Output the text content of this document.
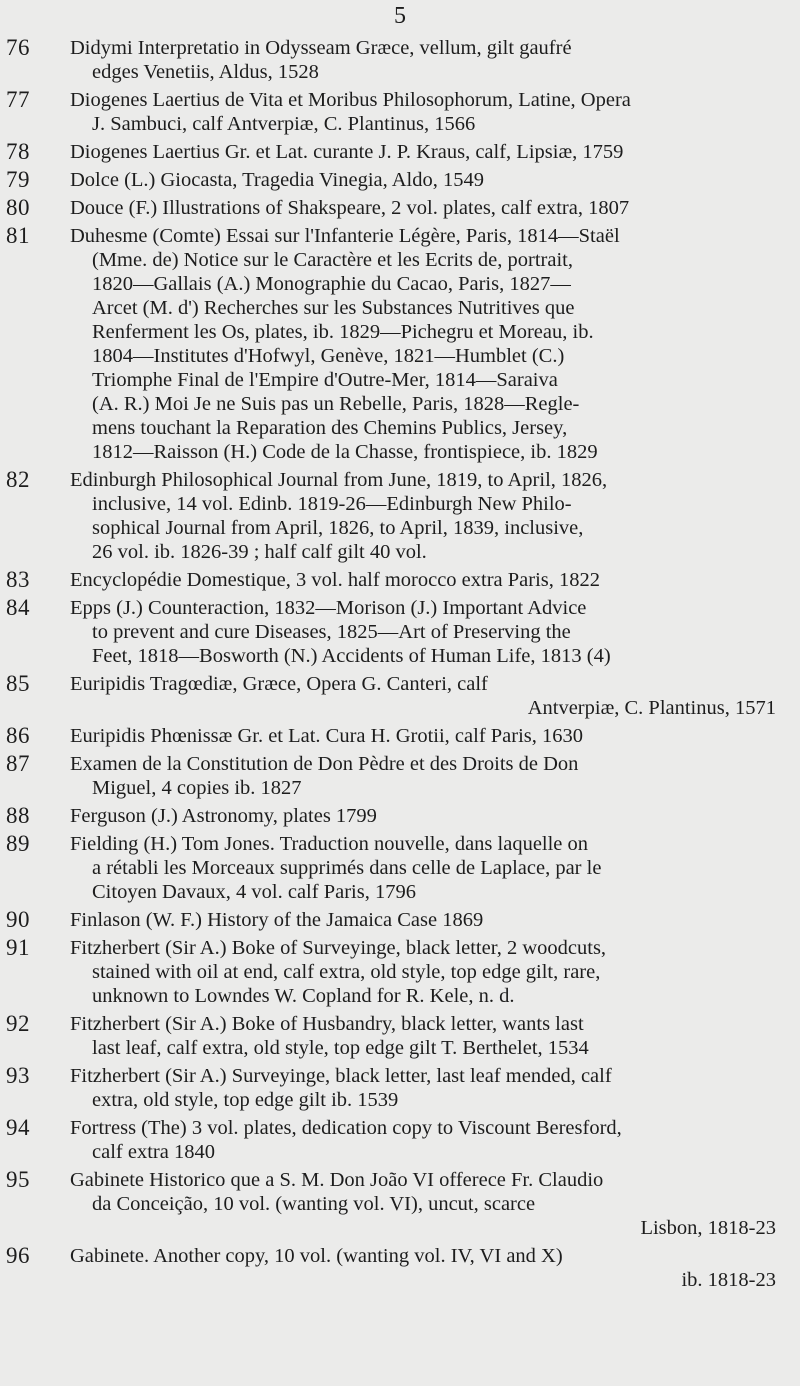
5
76 Didymi Interpretatio in Odysseam Græce, vellum, gilt gaufré
edges Venetiis, Aldus, 1528
77 Diogenes Laertius de Vita et Moribus Philosophorum, Latine, Opera
J. Sambuci, calf Antverpiæ, C. Plantinus, 1566
78 Diogenes Laertius Gr. et Lat. curante J. P. Kraus, calf, Lipsiæ, 1759
79 Dolce (L.) Giocasta, Tragedia Vinegia, Aldo, 1549
80 Douce (F.) Illustrations of Shakspeare, 2 vol. plates, calf extra, 1807
81 Duhesme (Comte) Essai sur l'Infanterie Légère, Paris, 1814—Staël
(Mme. de) Notice sur le Caractère et les Ecrits de, portrait,
1820—Gallais (A.) Monographie du Cacao, Paris, 1827—
Arcet (M. d') Recherches sur les Substances Nutritives que
Renferment les Os, plates, ib. 1829—Pichegru et Moreau, ib.
1804—Institutes d'Hofwyl, Genève, 1821—Humblet (C.)
Triomphe Final de l'Empire d'Outre-Mer, 1814—Saraiva
(A. R.) Moi Je ne Suis pas un Rebelle, Paris, 1828—Regle-
mens touchant la Reparation des Chemins Publics, Jersey,
1812—Raisson (H.) Code de la Chasse, frontispiece, ib. 1829
82 Edinburgh Philosophical Journal from June, 1819, to April, 1826,
inclusive, 14 vol. Edinb. 1819-26—Edinburgh New Philo-
sophical Journal from April, 1826, to April, 1839, inclusive,
26 vol. ib. 1826-39 ; half calf gilt 40 vol.
83 Encyclopédie Domestique, 3 vol. half morocco extra Paris, 1822
84 Epps (J.) Counteraction, 1832—Morison (J.) Important Advice
to prevent and cure Diseases, 1825—Art of Preserving the
Feet, 1818—Bosworth (N.) Accidents of Human Life, 1813 (4)
85 Euripidis Tragœdiæ, Græce, Opera G. Canteri, calf
Antverpiæ, C. Plantinus, 1571
86 Euripidis Phœnissæ Gr. et Lat. Cura H. Grotii, calf Paris, 1630
87 Examen de la Constitution de Don Pèdre et des Droits de Don
Miguel, 4 copies ib. 1827
88 Ferguson (J.) Astronomy, plates 1799
89 Fielding (H.) Tom Jones. Traduction nouvelle, dans laquelle on
a rétabli les Morceaux supprimés dans celle de Laplace, par le
Citoyen Davaux, 4 vol. calf Paris, 1796
90 Finlason (W. F.) History of the Jamaica Case 1869
91 Fitzherbert (Sir A.) Boke of Surveyinge, black letter, 2 woodcuts,
stained with oil at end, calf extra, old style, top edge gilt, rare,
unknown to Lowndes W. Copland for R. Kele, n. d.
92 Fitzherbert (Sir A.) Boke of Husbandry, black letter, wants last
last leaf, calf extra, old style, top edge gilt T. Berthelet, 1534
93 Fitzherbert (Sir A.) Surveyinge, black letter, last leaf mended, calf
extra, old style, top edge gilt ib. 1539
94 Fortress (The) 3 vol. plates, dedication copy to Viscount Beresford,
calf extra 1840
95 Gabinete Historico que a S. M. Don João VI offerece Fr. Claudio
da Conceição, 10 vol. (wanting vol. VI), uncut, scarce
Lisbon, 1818-23
96 Gabinete. Another copy, 10 vol. (wanting vol. IV, VI and X)
ib. 1818-23
